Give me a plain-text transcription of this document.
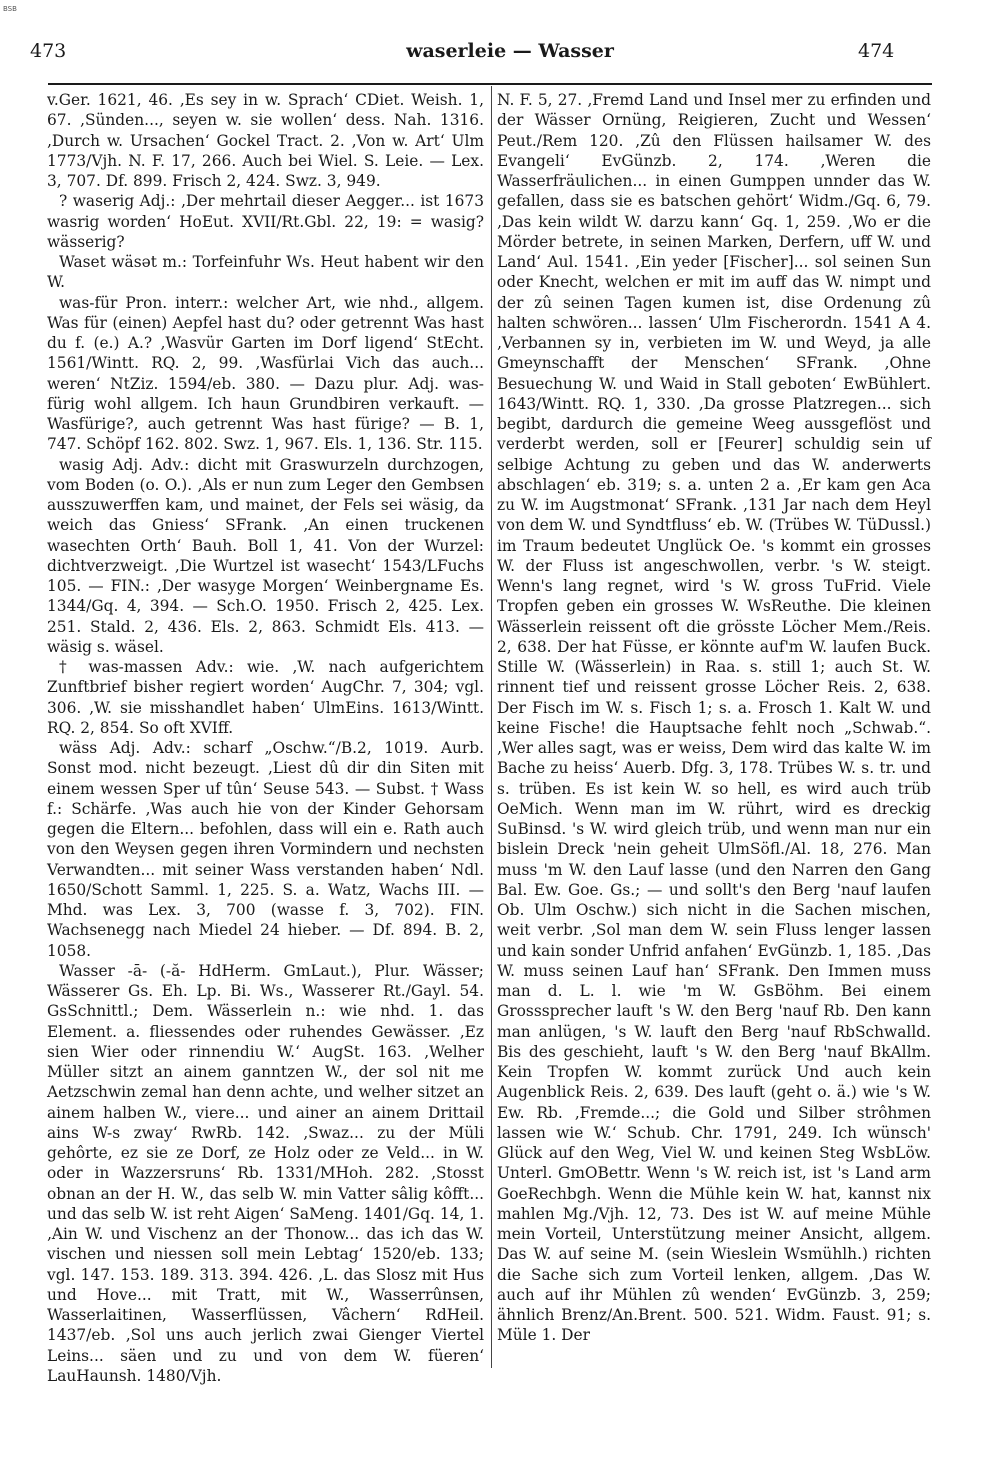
BSB
473	waserleie — Wasser	474

v.Ger. 1621, 46. ‚Es sey in w. Sprach‘ CDiet. Weish. 1, 67. ‚Sünden..., seyen w. sie wollen‘ dess. Nah. 1316. ‚Durch w. Ursachen‘ Gockel Tract. 2. ‚Von w. Art‘ Ulm 1773/Vjh. N. F. 17, 266. Auch bei Wiel. S. Leie. — Lex. 3, 707. Df. 899. Frisch 2, 424. Swz. 3, 949.

? waserig Adj.: ‚Der mehrtail dieser Aegger... ist 1673 wasrig worden‘ HoEut. XVII/Rt.Gbl. 22, 19: = wasig? wässerig?

Waset wäsət m.: Torfeinfuhr Ws. Heut habent wir den W.

was-für Pron. interr.: welcher Art, wie nhd., allgem. Was für (einen) Aepfel hast du? oder getrennt Was hast du f. (e.) A.? ‚Wasvür Garten im Dorf ligend‘ StEcht. 1561/Wintt. RQ. 2, 99. ‚Wasfürlai Vich das auch... weren‘ NtZiz. 1594/eb. 380. — Dazu plur. Adj. was-fürig wohl allgem. Ich haun Grundbiren verkauft. — Wasfürige?, auch getrennt Was hast fürige? — B. 1, 747. Schöpf 162. 802. Swz. 1, 967. Els. 1, 136. Str. 115.

wasig Adj. Adv.: dicht mit Graswurzeln durchzogen, vom Boden (o. O.). ‚Als er nun zum Leger den Gembsen ausszuwerffen kam, und mainet, der Fels sei wäsig, da weich das Gniess‘ SFrank. ‚An einen truckenen wasechten Orth‘ Bauh. Boll 1, 41. Von der Wurzel: dichtverzweigt. ‚Die Wurtzel ist wasecht‘ 1543/LFuchs 105. — FIN.: ‚Der wasyge Morgen‘ Weinbergname Es. 1344/Gq. 4, 394. — Sch.O. 1950. Frisch 2, 425. Lex. 251. Stald. 2, 436. Els. 2, 863. Schmidt Els. 413. — wäsig s. wäsel.

† was-massen Adv.: wie. ‚W. nach aufgerichtem Zunftbrief bisher regiert worden‘ AugChr. 7, 304; vgl. 306. ‚W. sie misshandlet haben‘ UlmEins. 1613/Wintt. RQ. 2, 854. So oft XVIff.

wäss Adj. Adv.: scharf „Oschw.“/B.2, 1019. Aurb. Sonst mod. nicht bezeugt. ‚Liest dû dir din Siten mit einem wessen Sper uf tûn‘ Seuse 543. — Subst. † Wass f.: Schärfe. ‚Was auch hie von der Kinder Gehorsam gegen die Eltern... befohlen, dass will ein e. Rath auch von den Weysen gegen ihren Vormindern und nechsten Verwandten... mit seiner Wass verstanden haben‘ Ndl. 1650/Schott Samml. 1, 225. S. a. Watz, Wachs III. — Mhd. was Lex. 3, 700 (wasse f. 3, 702). FIN. Wachsenegg nach Miedel 24 hieber. — Df. 894. B. 2, 1058.

Wasser -ā- (-ă- HdHerm. GmLaut.), Plur. Wässer; Wässerer Gs. Eh. Lp. Bi. Ws., Wasserer Rt./Gayl. 54. GsSchnittl.; Dem. Wässerlein n.: wie nhd. 1. das Element. a. fliessendes oder ruhendes Gewässer. ‚Ez sien Wier oder rinnendiu W.‘ AugSt. 163. ‚Welher Müller sitzt an ainem ganntzen W., der sol nit me Aetzschwin zemal han denn achte, und welher sitzet an ainem halben W., viere... und ainer an ainem Drittail ains W-s zway‘ RwRb. 142. ‚Swaz... zu der Müli gehôrte, ez sie ze Dorf, ze Holz oder ze Veld... in W. oder in Wazzersruns‘ Rb. 1331/MHoh. 282. ‚Stosst obnan an der H. W., das selb W. min Vatter sâlig kôfft... und das selb W. ist reht Aigen‘ SaMeng. 1401/Gq. 14, 1. ‚Ain W. und Vischenz an der Thonow... das ich das W. vischen und niessen soll mein Lebtag‘ 1520/eb. 133; vgl. 147. 153. 189. 313. 394. 426. ‚L. das Slosz mit Hus und Hove... mit Tratt, mit W., Wasserrûnsen, Wasserlaitinen, Wasserflüssen, Vâchern‘ RdHeil. 1437/eb. ‚Sol uns auch jerlich zwai Gienger Viertel Leins... säen und zu und von dem W. füeren‘ LauHaunsh. 1480/Vjh.

N. F. 5, 27. ‚Fremd Land und Insel mer zu erfinden und der Wässer Ornüng, Reigieren, Zucht und Wessen‘ Peut./Rem 120. ‚Zû den Flüssen hailsamer W. des Evangeli‘ EvGünzb. 2, 174. ‚Weren die Wasserfräulichen... in einen Gumppen unnder das W. gefallen, dass sie es batschen gehört‘ Widm./Gq. 6, 79. ‚Das kein wildt W. darzu kann‘ Gq. 1, 259. ‚Wo er die Mörder betrete, in seinen Marken, Derfern, uff W. und Land‘ Aul. 1541. ‚Ein yeder [Fischer]... sol seinen Sun oder Knecht, welchen er mit im auff das W. nimpt und der zû seinen Tagen kumen ist, dise Ordenung zû halten schwören... lassen‘ Ulm Fischerordn. 1541 A 4. ‚Verbannen sy in, verbieten im W. und Weyd, ja alle Gmeynschafft der Menschen‘ SFrank. ‚Ohne Besuechung W. und Waid in Stall geboten‘ EwBühlert. 1643/Wintt. RQ. 1, 330. ‚Da grosse Platzregen... sich begibt, dardurch die gemeine Weeg aussgeflöst und verderbt werden, soll er [Feurer] schuldig sein uf selbige Achtung zu geben und das W. anderwerts abschlagen‘ eb. 319; s. a. unten 2 a. ‚Er kam gen Aca zu W. im Augstmonat‘ SFrank. ‚131 Jar nach dem Heyl von dem W. und Syndtfluss‘ eb. W. (Trübes W. TüDussl.) im Traum bedeutet Unglück Oe. 's kommt ein grosses W. der Fluss ist angeschwollen, verbr. 's W. steigt. Wenn's lang regnet, wird 's W. gross TuFrid. Viele Tropfen geben ein grosses W. WsReuthe. Die kleinen Wässerlein reissent oft die grösste Löcher Mem./Reis. 2, 638. Der hat Füsse, er könnte auf'm W. laufen Buck. Stille W. (Wässerlein) in Raa. s. still 1; auch St. W. rinnent tief und reissent grosse Löcher Reis. 2, 638. Der Fisch im W. s. Fisch 1; s. a. Frosch 1. Kalt W. und keine Fische! die Hauptsache fehlt noch „Schwab.“. ‚Wer alles sagt, was er weiss, Dem wird das kalte W. im Bache zu heiss‘ Auerb. Dfg. 3, 178. Trübes W. s. tr. und s. trüben. Es ist kein W. so hell, es wird auch trüb OeMich. Wenn man im W. rührt, wird es dreckig SuBinsd. 's W. wird gleich trüb, und wenn man nur ein bislein Dreck 'nein geheit UlmSöfl./Al. 18, 276. Man muss 'm W. den Lauf lasse (und den Narren den Gang Bal. Ew. Goe. Gs.; — und sollt's den Berg 'nauf laufen Ob. Ulm Oschw.) sich nicht in die Sachen mischen, weit verbr. ‚Sol man dem W. sein Fluss lenger lassen und kain sonder Unfrid anfahen‘ EvGünzb. 1, 185. ‚Das W. muss seinen Lauf han‘ SFrank. Den Immen muss man d. L. l. wie 'm W. GsBöhm. Bei einem Grosssprecher lauft 's W. den Berg 'nauf Rb. Den kann man anlügen, 's W. lauft den Berg 'nauf RbSchwalld. Bis des geschieht, lauft 's W. den Berg 'nauf BkAllm. Kein Tropfen W. kommt zurück Und auch kein Augenblick Reis. 2, 639. Des lauft (geht o. ä.) wie 's W. Ew. Rb. ‚Fremde...; die Gold und Silber strôhmen lassen wie W.‘ Schub. Chr. 1791, 249. Ich wünsch' Glück auf den Weg, Viel W. und keinen Steg WsbLöw. Unterl. GmOBettr. Wenn 's W. reich ist, ist 's Land arm GoeRechbgh. Wenn die Mühle kein W. hat, kannst nix mahlen Mg./Vjh. 12, 73. Des ist W. auf meine Mühle mein Vorteil, Unterstützung meiner Ansicht, allgem. Das W. auf seine M. (sein Wieslein Wsmühlh.) richten die Sache sich zum Vorteil lenken, allgem. ‚Das W. auch auf ihr Mühlen zû wenden‘ EvGünzb. 3, 259; ähnlich Brenz/An.Brent. 500. 521. Widm. Faust. 91; s. Müle 1. Der
